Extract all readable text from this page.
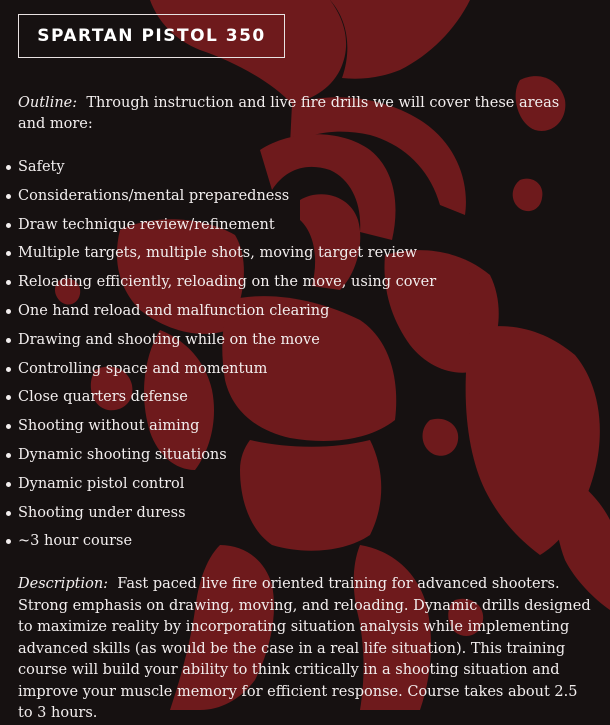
SPARTAN PISTOL 350

Outline: Through instruction and live fire drills we will cover these areas and more:

Safety
Considerations/mental preparedness
Draw technique review/refinement
Multiple targets, multiple shots, moving target review
Reloading efficiently, reloading on the move, using cover
One hand reload and malfunction clearing
Drawing and shooting while on the move
Controlling space and momentum
Close quarters defense
Shooting without aiming
Dynamic shooting situations
Dynamic pistol control
Shooting under duress
~3 hour course

Description: Fast paced live fire oriented training for advanced shooters. Strong emphasis on drawing, moving, and reloading. Dynamic drills designed to maximize reality by incorporating situation analysis while implementing advanced skills (as would be the case in a real life situation). This training course will build your ability to think critically in a shooting situation and improve your muscle memory for efficient response. Course takes about 2.5 to 3 hours.
